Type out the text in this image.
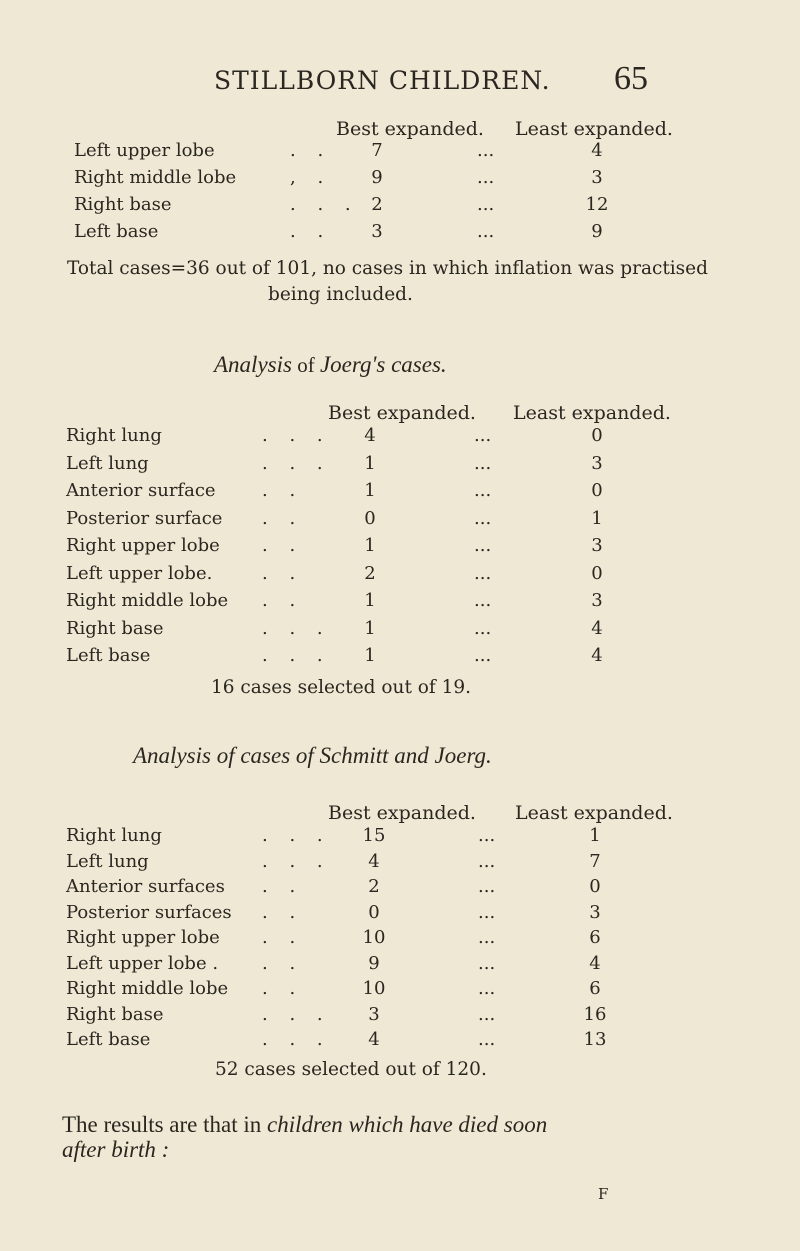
STILLBORN CHILDREN. 65
Best expanded. Least expanded.
Left upper lobe	. .	7	...	4
Right middle lobe	, .	9	...	3
Right base	. . . 2	...	12
Left base	. .	3	...	9
Total cases=36 out of 101, no cases in which inflation was practised
being included.
Analysis of Joerg's cases.
Best expanded. Least expanded.
Right lung	. . .	4	...	0
Left lung	. . .	1	...	3
Anterior surface	. .	1	...	0
Posterior surface . .	0	...	1
Right upper lobe . .	1	...	3
Left upper lobe.	. .	2	...	0
Right middle lobe . .	1	...	3
Right base	. . .	1	...	4
Left base	. . .	1	...	4
16 cases selected out of 19.
Analysis of cases of Schmitt and Joerg.
Best expanded. Least expanded.
Right lung	. . .	15	...	1
Left lung	. . .	4	...	7
Anterior surfaces . .	2	...	0
Posterior surfaces . .	0	...	3
Right upper lobe . .	10	...	6
Left upper lobe . . .	9	...	4
Right middle lobe . .	10	...	6
Right base	. . .	3	...	16
Left base	. . .	4	...	13
52 cases selected out of 120.
The results are that in children which have died soon
after birth :
F
